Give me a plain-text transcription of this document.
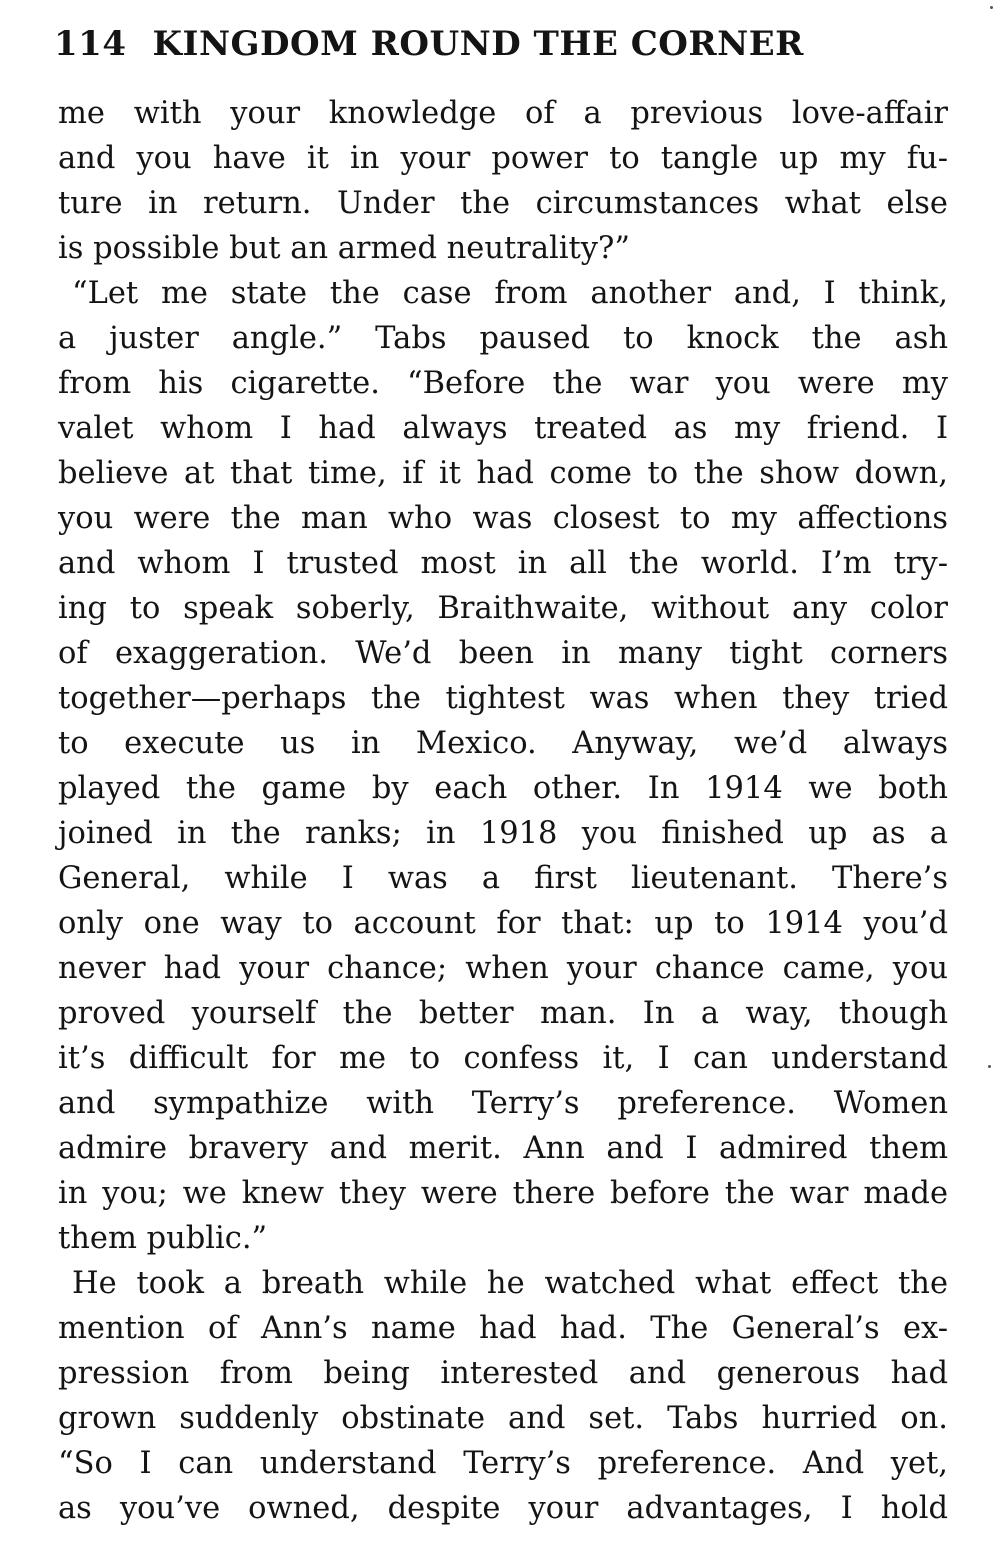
114 KINGDOM ROUND THE CORNER
me with your knowledge of a previous love-affair
and you have it in your power to tangle up my fu-
ture in return. Under the circumstances what else
is possible but an armed neutrality?”
“Let me state the case from another and, I think,
a juster angle.” Tabs paused to knock the ash
from his cigarette. “Before the war you were my
valet whom I had always treated as my friend. I
believe at that time, if it had come to the show down,
you were the man who was closest to my affections
and whom I trusted most in all the world. I’m try-
ing to speak soberly, Braithwaite, without any color
of exaggeration. We’d been in many tight corners
together—perhaps the tightest was when they tried
to execute us in Mexico. Anyway, we’d always
played the game by each other. In 1914 we both
joined in the ranks; in 1918 you finished up as a
General, while I was a first lieutenant. There’s
only one way to account for that: up to 1914 you’d
never had your chance; when your chance came, you
proved yourself the better man. In a way, though
it’s difficult for me to confess it, I can understand
and sympathize with Terry’s preference. Women
admire bravery and merit. Ann and I admired them
in you; we knew they were there before the war made
them public.”
He took a breath while he watched what effect the
mention of Ann’s name had had. The General’s ex-
pression from being interested and generous had
grown suddenly obstinate and set. Tabs hurried on.
“So I can understand Terry’s preference. And yet,
as you’ve owned, despite your advantages, I hold
